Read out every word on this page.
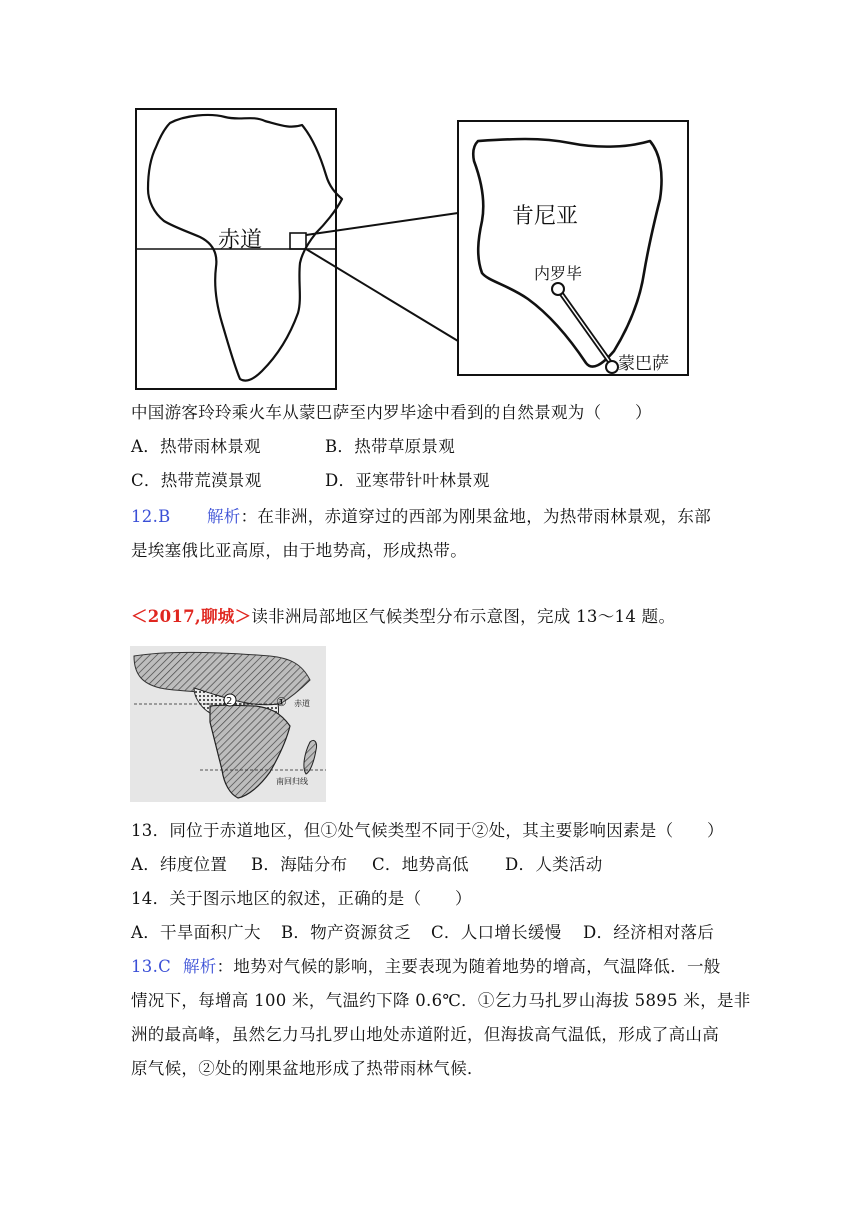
赤道
肯尼亚
内罗毕
蒙巴萨
中国游客玲玲乘火车从蒙巴萨至内罗毕途中看到的自然景观为（　　）
A．热带雨林景观	B．热带草原景观
C．热带荒漠景观	D．亚寒带针叶林景观
12.B 解析：在非洲，赤道穿过的西部为刚果盆地，为热带雨林景观，东部
是埃塞俄比亚高原，由于地势高，形成热带。
＜2017,聊城＞读非洲局部地区气候类型分布示意图，完成 13～14 题。
2	① 赤道
南回归线
13．同位于赤道地区，但①处气候类型不同于②处，其主要影响因素是（　　）
A．纬度位置 B．海陆分布 C．地势高低 D．人类活动
14．关于图示地区的叙述，正确的是（　　）
A．干旱面积广大 B．物产资源贫乏 C．人口增长缓慢 D．经济相对落后
13.C 解析：地势对气候的影响，主要表现为随着地势的增高，气温降低．一般
情况下，每增高 100 米，气温约下降 0.6℃．①乞力马扎罗山海拔 5895 米，是非
洲的最高峰，虽然乞力马扎罗山地处赤道附近，但海拔高气温低，形成了高山高
原气候，②处的刚果盆地形成了热带雨林气候．
